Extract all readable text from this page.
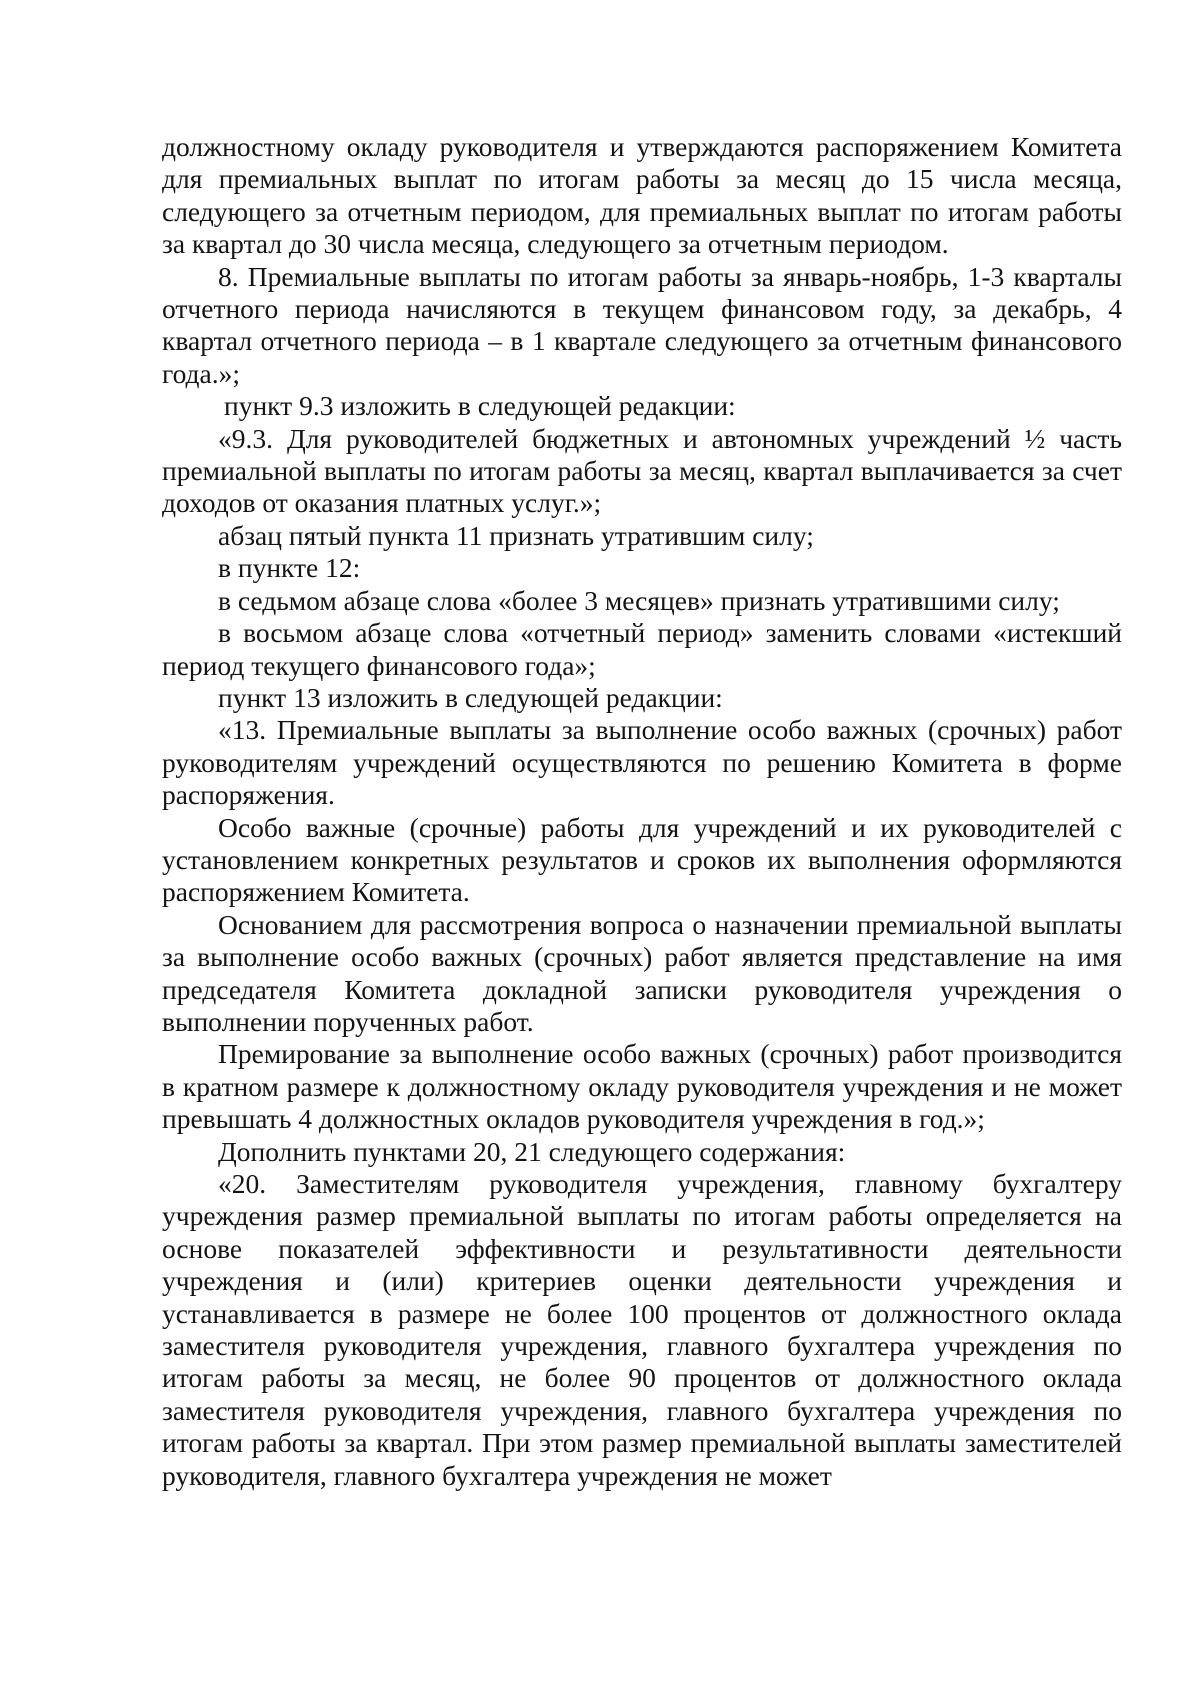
должностному окладу руководителя и утверждаются распоряжением Комитета для премиальных выплат по итогам работы за месяц до 15 числа месяца, следующего за отчетным периодом, для премиальных выплат по итогам работы за квартал до 30 числа месяца, следующего за отчетным периодом.

8. Премиальные выплаты по итогам работы за январь-ноябрь, 1-3 кварталы отчетного периода начисляются в текущем финансовом году, за декабрь, 4 квартал отчетного периода – в 1 квартале следующего за отчетным финансового года.»;

пункт 9.3 изложить в следующей редакции:

«9.3. Для руководителей бюджетных и автономных учреждений ½ часть премиальной выплаты по итогам работы за месяц, квартал выплачивается за счет доходов от оказания платных услуг.»;

абзац пятый пункта 11 признать утратившим силу;

в пункте 12:

в седьмом абзаце слова «более 3 месяцев» признать утратившими силу;

в восьмом абзаце слова «отчетный период» заменить словами «истекший период текущего финансового года»;

пункт 13 изложить в следующей редакции:

«13. Премиальные выплаты за выполнение особо важных (срочных) работ руководителям учреждений осуществляются по решению Комитета в форме распоряжения.

Особо важные (срочные) работы для учреждений и их руководителей с установлением конкретных результатов и сроков их выполнения оформляются распоряжением Комитета.

Основанием для рассмотрения вопроса о назначении премиальной выплаты за выполнение особо важных (срочных) работ является представление на имя председателя Комитета докладной записки руководителя учреждения о выполнении порученных работ.

Премирование за выполнение особо важных (срочных) работ производится в кратном размере к должностному окладу руководителя учреждения и не может превышать 4 должностных окладов руководителя учреждения в год.»;

Дополнить пунктами 20, 21 следующего содержания:

«20. Заместителям руководителя учреждения, главному бухгалтеру учреждения размер премиальной выплаты по итогам работы определяется на основе показателей эффективности и результативности деятельности учреждения и (или) критериев оценки деятельности учреждения и устанавливается в размере не более 100 процентов от должностного оклада заместителя руководителя учреждения, главного бухгалтера учреждения по итогам работы за месяц, не более 90 процентов от должностного оклада заместителя руководителя учреждения, главного бухгалтера учреждения по итогам работы за квартал. При этом размер премиальной выплаты заместителей руководителя, главного бухгалтера учреждения не может
